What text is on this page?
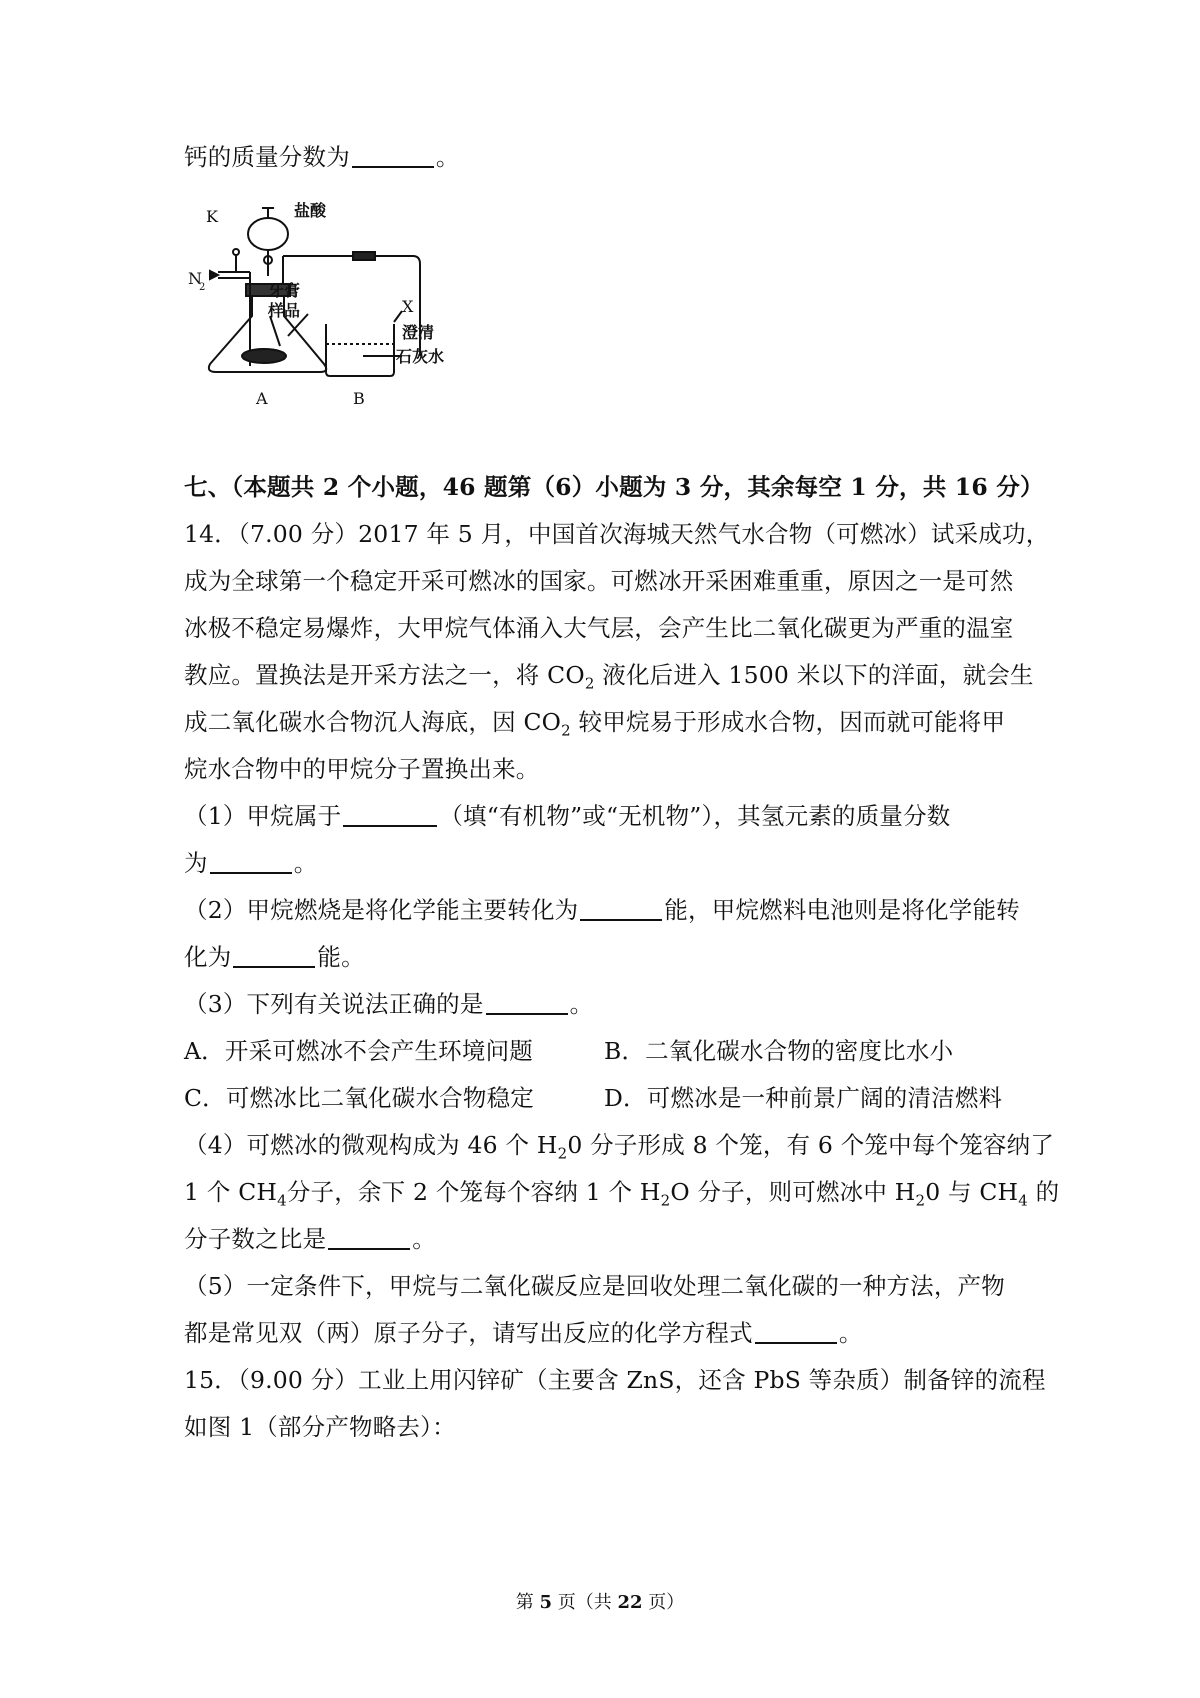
钙的质量分数为	。
K	盐酸
N
2	牙膏
样品	X
澄清
石灰水
A	B
七、（本题共 2 个小题，46 题第（6）小题为 3 分，其余每空 1 分，共 16 分）
14．（7.00 分）2017 年 5 月，中国首次海城天然气水合物（可燃冰）试采成功，
成为全球第一个稳定开采可燃冰的国家。可燃冰开采困难重重，原因之一是可然
冰极不稳定易爆炸，大甲烷气体涌入大气层，会产生比二氧化碳更为严重的温室
教应。置换法是开采方法之一，将 $CO_2$ 液化后进入 1500 米以下的洋面，就会生
成二氧化碳水合物沉人海底，因 $CO_2$ 较甲烷易于形成水合物，因而就可能将甲
烷水合物中的甲烷分子置换出来。
（1）甲烷属于	（填“有机物”或“无机物”），其氢元素的质量分数
为	。
（2）甲烷燃烧是将化学能主要转化为	能，甲烷燃料电池则是将化学能转
化为	能。
（3）下列有关说法正确的是	。
A．开采可燃冰不会产生环境问题	B．二氧化碳水合物的密度比水小
C．可燃冰比二氧化碳水合物稳定	D．可燃冰是一种前景广阔的清洁燃料
（4）可燃冰的微观构成为 46 个 $H_20$ 分子形成 8 个笼，有 6 个笼中每个笼容纳了
1 个 $CH_4$分子，余下 2 个笼每个容纳 1 个 $H_2O$ 分子，则可燃冰中 $H_20$ 与 $CH_4$ 的
分子数之比是	。
（5）一定条件下，甲烷与二氧化碳反应是回收处理二氧化碳的一种方法，产物
都是常见双（两）原子分子，请写出反应的化学方程式	。
15．（9.00 分）工业上用闪锌矿（主要含 ZnS，还含 PbS 等杂质）制备锌的流程
如图 1（部分产物略去）：
第 5 页（共 22 页）
